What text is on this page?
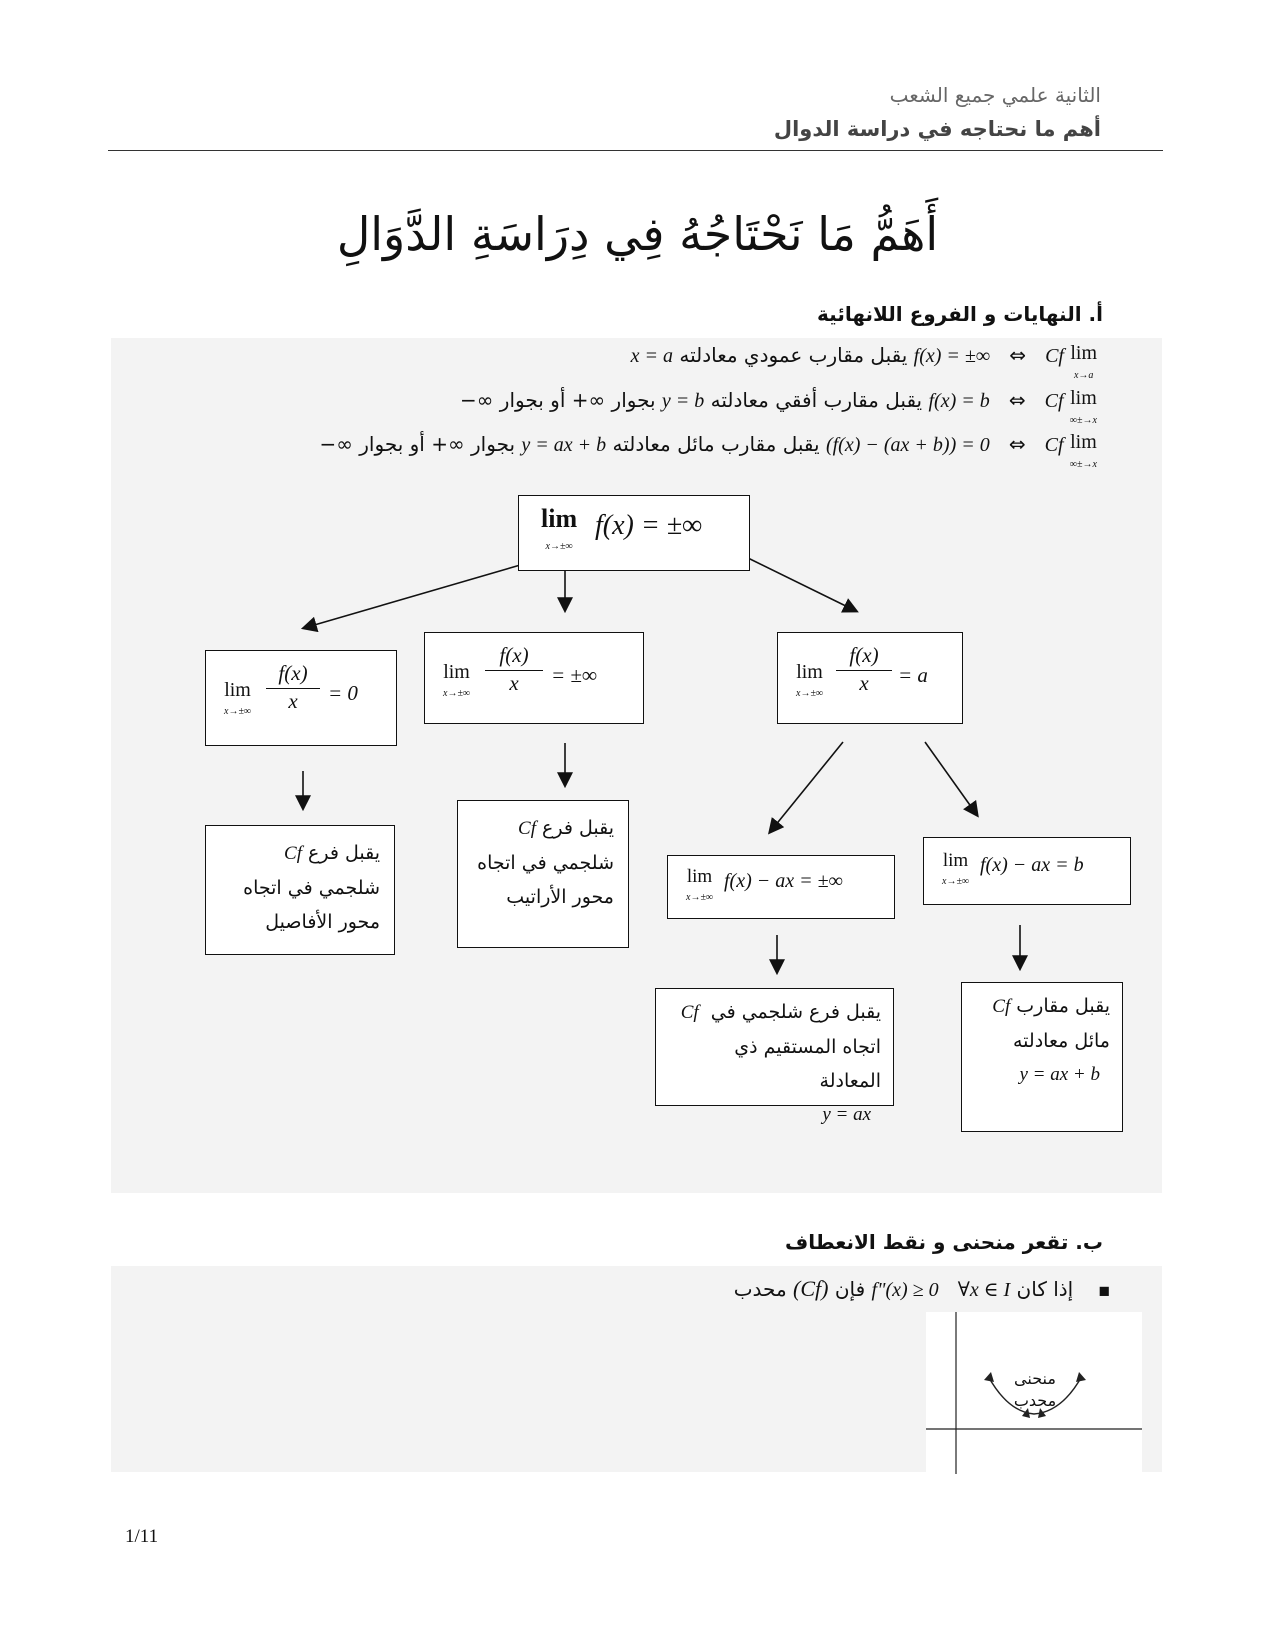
الثانية علمي جميع الشعب
أهم ما نحتاجه في دراسة الدوال
أَهَمُّ مَا نَحْتَاجُهُ فِي دِرَاسَةِ الدَّوَالِ
أ. النهايات و الفروع اللانهائية
lim
x→a f(x) = ±∞ ⇔ Cf يقبل مقارب عمودي معادلته x = a
lim
x→±∞ f(x) = b ⇔ Cf يقبل مقارب أفقي معادلته y = b بجوار +∞ أو بجوار −∞
lim
x→±∞ (f(x) − (ax + b)) = 0 ⇔ Cf يقبل مقارب مائل معادلته y = ax + b بجوار +∞ أو بجوار −∞
lim
x→±∞
f(x) = ±∞
lim
$x\to\pm\infty \frac{f(x)}{x} = 0$
lim
$x\to\pm\infty \frac{f(x)}{x}$ = ±∞	lim
$x\to\pm\infty \frac{f(x)}{x} = a$
يقبل فرع Cf
شلجمي في اتجاه
محور الأفاصيل
يقبل فرع Cf
شلجمي في اتجاه
محور الأراتيب
lim
x→±∞
f(x) − ax = ±∞
lim
x→±∞
f(x) − ax = b
يقبل فرع شلجمي في  Cf
اتجاه المستقيم ذي المعادلة
y = ax
يقبل مقارب Cf
مائل معادلته
y = ax + b
ب. تقعر منحنى و نقط الانعطاف
■    إذا كان f"(x) ≥ 0 ∀x ∈ I فإن (Cf) محدب
منحنى
محدب
1/11
